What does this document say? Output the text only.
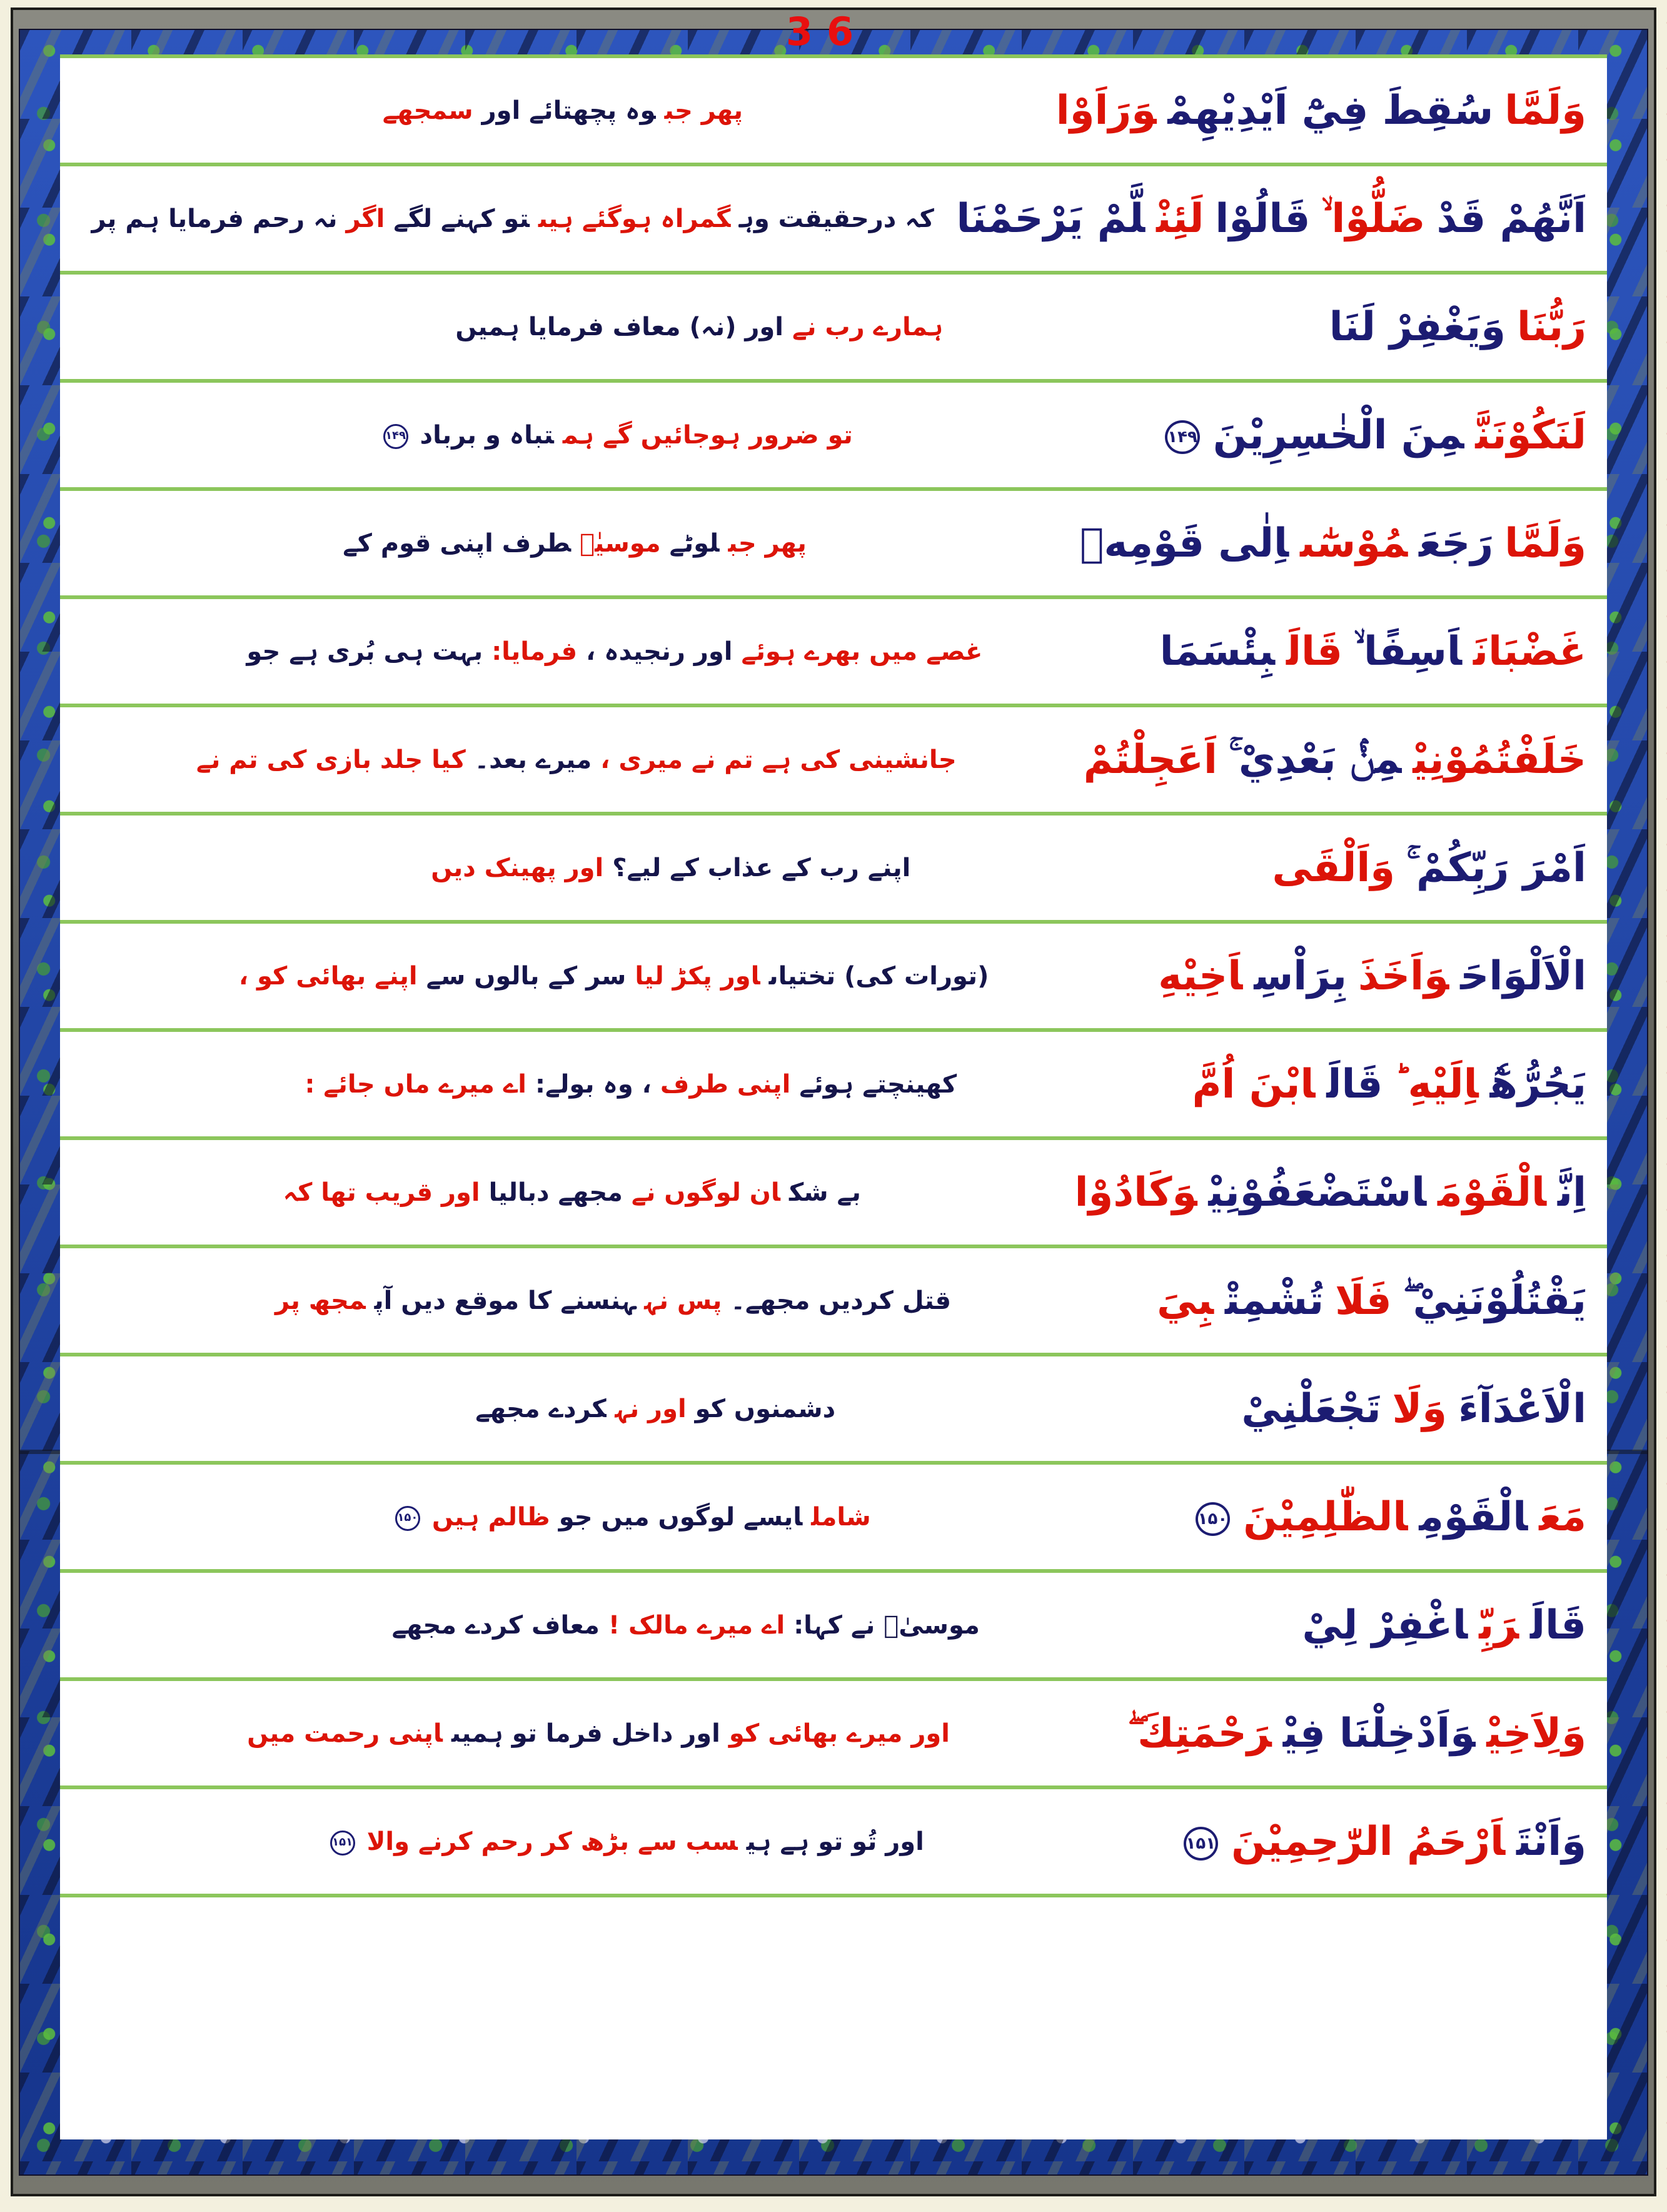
36
وَلَمَّاسُقِطَ فِيْٓ اَيْدِيْهِمْوَرَاَوْا
پھر جبوہ پچھتائے اورسمجھے
اَنَّهُمْ قَدْضَلُّوْا ۙقَالُوْالَئِنْلَّمْ يَرْحَمْنَا
کہ درحقیقت وہگمراہ ہوگئے ہیںتو کہنے لگےاگرنہ رحم فرمایا ہم پر
رَبُّنَاوَيَغْفِرْ لَنَا
ہمارے رب نےاور (نہ) معاف فرمایا ہمیں
لَنَكُوْنَنَّمِنَ الْخٰسِرِيْنَ۱۴۹
تو ضرور ہوجائیں گے ہمتباہ و برباد۱۴۹
وَلَمَّارَجَعَمُوْسٰٓىاِلٰى قَوْمِهٖ
پھر جبلوٹےموسیٰؑطرف اپنی قوم کے
غَضْبَانَاَسِفًا ۙقَالَبِئْسَمَا
غصے میں بھرے ہوئےاور رنجیدہ ،فرمایا:بہت ہی بُری ہے جو
خَلَفْتُمُوْنِيْمِنْۢ بَعْدِيْ ۚاَعَجِلْتُمْ
جانشینی کی ہے تم نے میری ،میرے بعد۔کیا جلد بازی کی تم نے
اَمْرَ رَبِّكُمْ ۚوَاَلْقَى
اپنے رب کے عذاب کے لیے؟اور پھینک دیں
الْاَلْوَاحَوَاَخَذَبِرَاْسِاَخِيْهِ
(تورات کی) تختیاںاور پکڑ لیاسر کے بالوں سےاپنے بھائی کو ،
يَجُرُّهٗٓاِلَيْهِ ؕقَالَابْنَ اُمَّ
کھینچتے ہوئےاپنی طرف، وہ بولے:اے میرے ماں جائے :
اِنَّالْقَوْمَاسْتَضْعَفُوْنِيْوَكَادُوْا
بے شکان لوگوں نےمجھے دبالیااور قریب تھا کہ
يَقْتُلُوْنَنِيْ ۖفَلَاتُشْمِتْبِيَ
قتل کردیں مجھے۔پس نہہنسنے کا موقع دیں آپمجھ پر
الْاَعْدَآءَوَلَاتَجْعَلْنِيْ
دشمنوں کواور نہکردے مجھے
مَعَالْقَوْمِالظّٰلِمِيْنَ۱۵۰
شاملایسے لوگوں میں جوظالم ہیں۱۵۰
قَالَرَبِّاغْفِرْ لِيْ
موسیٰؑ نے کہا:اے میرے مالک !معاف کردے مجھے
وَلِاَخِيْوَاَدْخِلْنَا فِيْرَحْمَتِكَ ۖ
اور میرے بھائی کواور داخل فرما تو ہمیںاپنی رحمت میں
وَاَنْتَاَرْحَمُ الرّٰحِمِيْنَ۱۵۱
اور تُو تو ہے ہیسب سے بڑھ کر رحم کرنے والا۱۵۱
